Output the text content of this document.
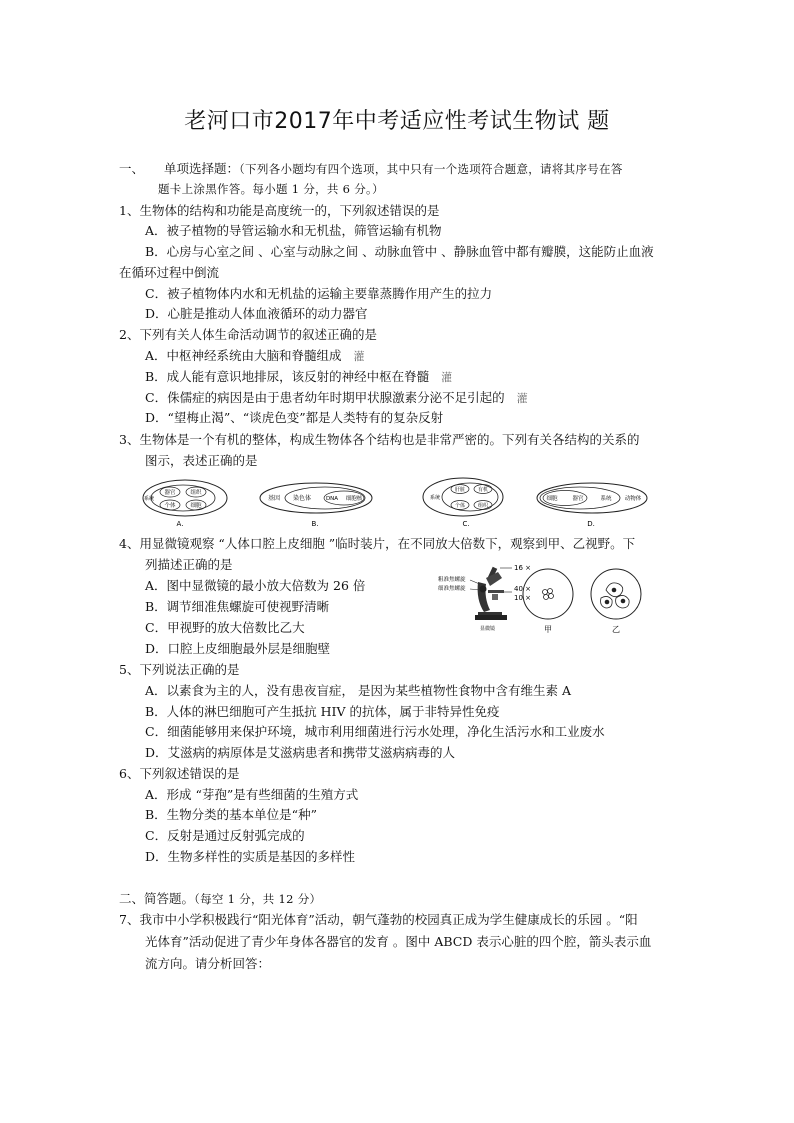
老河口市2017年中考适应性考试生物试 题
一、 单项选择题：（下列各小题均有四个选项，其中只有一个选项符合题意，请将其序号在答
题卡上涂黑作答。每小题 1 分，共 6 分。）
1、生物体的结构和功能是高度统一的，下列叙述错误的是
A．被子植物的导管运输水和无机盐，筛管运输有机物
B．心房与心室之间 、心室与动脉之间 、动脉血管中 、静脉血管中都有瓣膜，这能防止血液
在循环过程中倒流
C．被子植物体内水和无机盐的运输主要靠蒸腾作用产生的拉力
D．心脏是推动人体血液循环的动力器官
2、下列有关人体生命活动调节的叙述正确的是
A．中枢神经系统由大脑和脊髓组成 灌
B．成人能有意识地排尿，该反射的神经中枢在脊髓 灌
C．侏儒症的病因是由于患者幼年时期甲状腺激素分泌不足引起的 灌
D．“望梅止渴”、“谈虎色变”都是人类特有的复杂反射
3、生物体是一个有机的整体，构成生物体各个结构也是非常严密的。下列有关各结构的关系的
图示，表述正确的是
器官	组织
个体	细胞
系统
A.
基因 染色体	DNA 细胞核
B.
肝脏	有机
个体	组织
系统
C.
细胞	器官	系统 动物体
D.
4、用显微镜观察 “人体口腔上皮细胞 ”临时装片，在不同放大倍数下，观察到甲、乙视野。下
列描述正确的是
A．图中显微镜的最小放大倍数为 26 倍
B．调节细准焦螺旋可使视野清晰
C．甲视野的放大倍数比乙大
D．口腔上皮细胞最外层是细胞壁
粗准焦螺旋
细准焦螺旋
显微镜
16 ×
40 ×
10 ×
甲	乙
5、下列说法正确的是
A．以素食为主的人，没有患夜盲症， 是因为某些植物性食物中含有维生素 A
B．人体的淋巴细胞可产生抵抗 HIV 的抗体，属于非特异性免疫
C．细菌能够用来保护环境，城市利用细菌进行污水处理，净化生活污水和工业废水
D．艾滋病的病原体是艾滋病患者和携带艾滋病病毒的人
6、下列叙述错误的是
A．形成 “芽孢”是有些细菌的生殖方式
B．生物分类的基本单位是“种”
C．反射是通过反射弧完成的
D．生物多样性的实质是基因的多样性
二、简答题。（每空 1 分，共 12 分）
7、我市中小学积极践行“阳光体育”活动，朝气蓬勃的校园真正成为学生健康成长的乐园 。“阳
光体育”活动促进了青少年身体各器官的发育 。图中 ABCD 表示心脏的四个腔，箭头表示血
流方向。请分析回答：
